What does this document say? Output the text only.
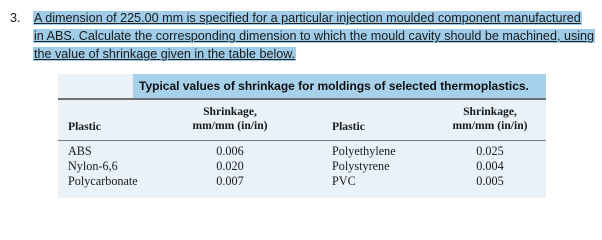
3. A dimension of 225.00 mm is specified for a particular injection moulded component manufactured
in ABS. Calculate the corresponding dimension to which the mould cavity should be machined, using
the value of shrinkage given in the table below.
Typical values of shrinkage for moldings of selected thermoplastics.
Plastic
Shrinkage,
mm/mm (in/in)	Plastic
Shrinkage,
mm/mm (in/in)
ABS
Nylon-6,6
Polycarbonate
0.006
0.020
0.007
Polyethylene
Polystyrene
PVC
0.025
0.004
0.005
